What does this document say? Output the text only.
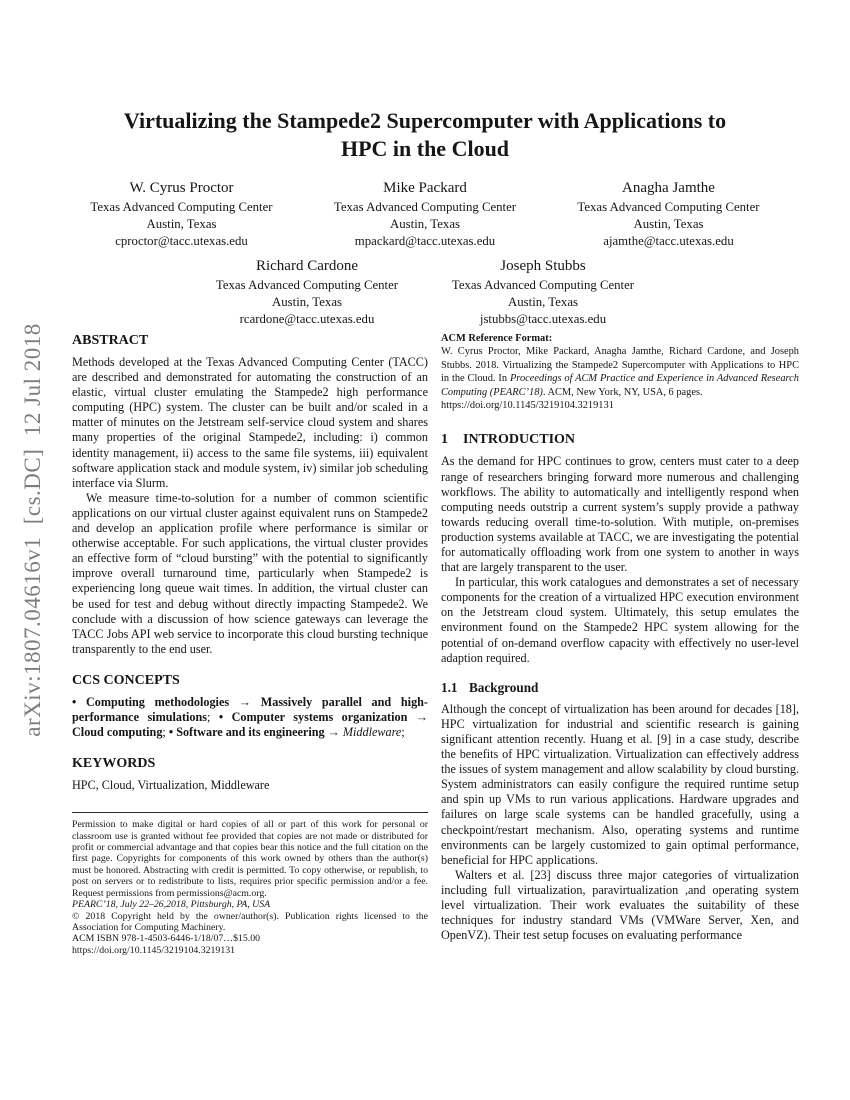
arXiv:1807.04616v1  [cs.DC]  12 Jul 2018
Virtualizing the Stampede2 Supercomputer with Applications to
HPC in the Cloud
W. Cyrus Proctor
Texas Advanced Computing Center
Austin, Texas
cproctor@tacc.utexas.edu
Mike Packard
Texas Advanced Computing Center
Austin, Texas
mpackard@tacc.utexas.edu
Anagha Jamthe
Texas Advanced Computing Center
Austin, Texas
ajamthe@tacc.utexas.edu
Richard Cardone
Texas Advanced Computing Center
Austin, Texas
rcardone@tacc.utexas.edu
Joseph Stubbs
Texas Advanced Computing Center
Austin, Texas
jstubbs@tacc.utexas.edu
ABSTRACT

Methods developed at the Texas Advanced Computing Center (TACC) are described and demonstrated for automating the construction of an elastic, virtual cluster emulating the Stampede2 high performance computing (HPC) system. The cluster can be built and/or scaled in a matter of minutes on the Jetstream self-service cloud system and shares many properties of the original Stampede2, including: i) common identity management, ii) access to the same file systems, iii) equivalent software application stack and module system, iv) similar job scheduling interface via Slurm.

We measure time-to-solution for a number of common scientific applications on our virtual cluster against equivalent runs on Stampede2 and develop an application profile where performance is similar or otherwise acceptable. For such applications, the virtual cluster provides an effective form of “cloud bursting” with the potential to significantly improve overall turnaround time, particularly when Stampede2 is experiencing long queue wait times. In addition, the virtual cluster can be used for test and debug without directly impacting Stampede2. We conclude with a discussion of how science gateways can leverage the TACC Jobs API web service to incorporate this cloud bursting technique transparently to the end user.

CCS CONCEPTS

• Computing methodologies → Massively parallel and high-performance simulations; • Computer systems organization → Cloud computing; • Software and its engineering → Middleware;

KEYWORDS

HPC, Cloud, Virtualization, Middleware

Permission to make digital or hard copies of all or part of this work for personal or classroom use is granted without fee provided that copies are not made or distributed for profit or commercial advantage and that copies bear this notice and the full citation on the first page. Copyrights for components of this work owned by others than the author(s) must be honored. Abstracting with credit is permitted. To copy otherwise, or republish, to post on servers or to redistribute to lists, requires prior specific permission and/or a fee. Request permissions from permissions@acm.org.

PEARC’18, July 22–26,2018, Pittsburgh, PA, USA

© 2018 Copyright held by the owner/author(s). Publication rights licensed to the Association for Computing Machinery.

ACM ISBN 978-1-4503-6446-1/18/07…$15.00

https://doi.org/10.1145/3219104.3219131

ACM Reference Format:
W. Cyrus Proctor, Mike Packard, Anagha Jamthe, Richard Cardone, and Joseph Stubbs. 2018. Virtualizing the Stampede2 Supercomputer with Applications to HPC in the Cloud. In Proceedings of ACM Practice and Experience in Advanced Research Computing (PEARC’18). ACM, New York, NY, USA, 6 pages.
https://doi.org/10.1145/3219104.3219131

1 INTRODUCTION

As the demand for HPC continues to grow, centers must cater to a deep range of researchers bringing forward more numerous and challenging workflows. The ability to automatically and intelligently respond when computing needs outstrip a current system’s supply provide a pathway towards reducing overall time-to-solution. With mutiple, on-premises production systems available at TACC, we are investigating the potential for automatically offloading work from one system to another in ways that are largely transparent to the user.

In particular, this work catalogues and demonstrates a set of necessary components for the creation of a virtualized HPC execution environment on the Jetstream cloud system. Ultimately, this setup emulates the environment found on the Stampede2 HPC system allowing for the potential of on-demand overflow capacity with effectively no user-level adaption required.

1.1 Background

Although the concept of virtualization has been around for decades [18], HPC virtualization for industrial and scientific research is gaining significant attention recently. Huang et al. [9] in a case study, describe the benefits of HPC virtualization. Virtualization can effectively address the issues of system management and allow scalability by cloud bursting. System administrators can easily configure the required runtime setup and spin up VMs to run various applications. Hardware upgrades and failures on large scale systems can be handled gracefully, using a checkpoint/restart mechanism. Also, operating systems and runtime environments can be largely customized to gain optimal performance, beneficial for HPC applications.

Walters et al. [23] discuss three major categories of virtualization including full virtualization, paravirtualization ,and operating system level virtualization. Their work evaluates the suitability of these techniques for industry standard VMs (VMWare Server, Xen, and OpenVZ). Their test setup focuses on evaluating performance
